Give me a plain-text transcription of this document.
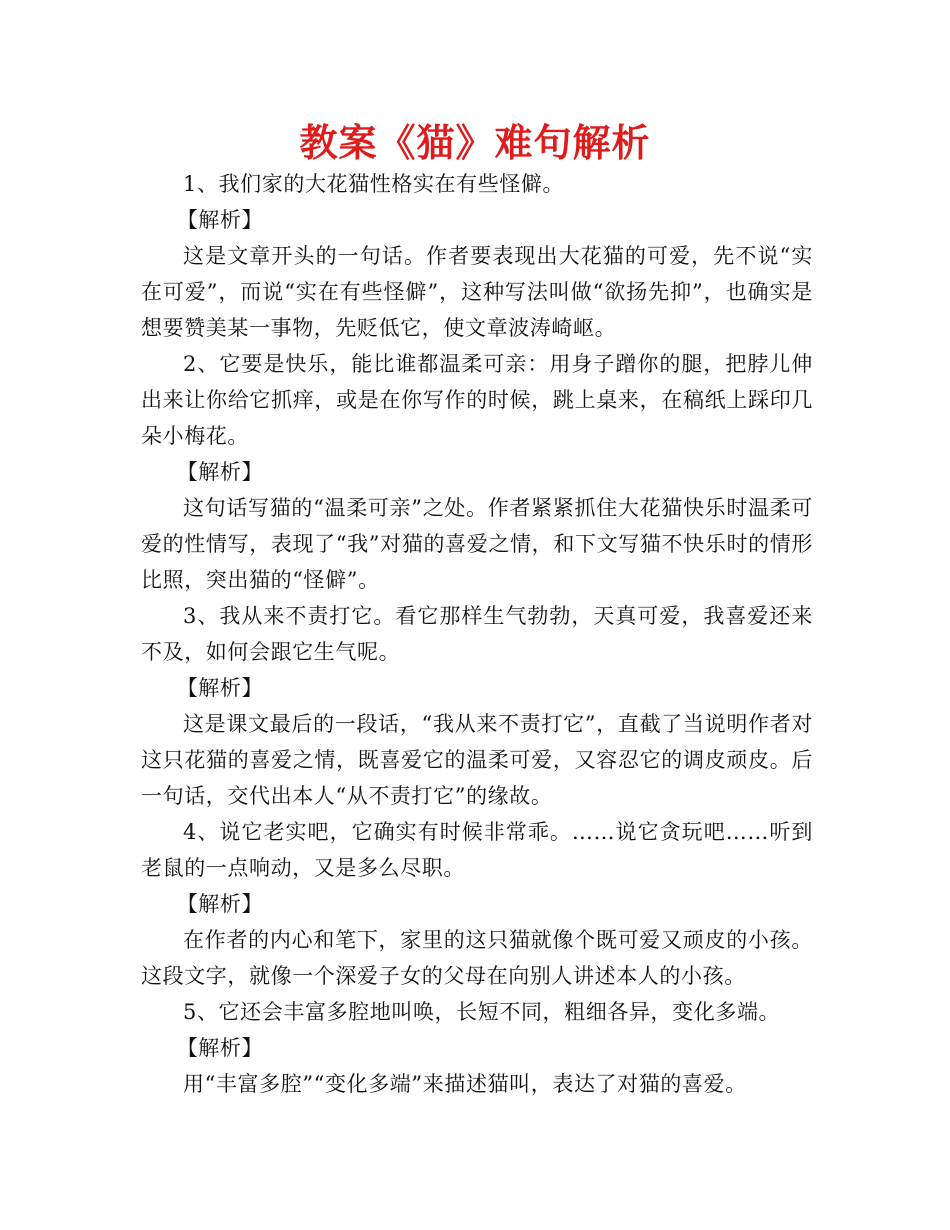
教案《猫》难句解析

1、我们家的大花猫性格实在有些怪僻。

【解析】

这是文章开头的一句话。作者要表现出大花猫的可爱，先不说“实在可爱”，而说“实在有些怪僻”，这种写法叫做“欲扬先抑”，也确实是想要赞美某一事物，先贬低它，使文章波涛崎岖。

2、它要是快乐，能比谁都温柔可亲：用身子蹭你的腿，把脖儿伸出来让你给它抓痒，或是在你写作的时候，跳上桌来，在稿纸上踩印几朵小梅花。

【解析】

这句话写猫的“温柔可亲”之处。作者紧紧抓住大花猫快乐时温柔可爱的性情写，表现了“我”对猫的喜爱之情，和下文写猫不快乐时的情形比照，突出猫的“怪僻”。

3、我从来不责打它。看它那样生气勃勃，天真可爱，我喜爱还来不及，如何会跟它生气呢。

【解析】

这是课文最后的一段话，“我从来不责打它”，直截了当说明作者对这只花猫的喜爱之情，既喜爱它的温柔可爱，又容忍它的调皮顽皮。后一句话，交代出本人“从不责打它”的缘故。

4、说它老实吧，它确实有时候非常乖。……说它贪玩吧……听到老鼠的一点响动，又是多么尽职。

【解析】

在作者的内心和笔下，家里的这只猫就像个既可爱又顽皮的小孩。这段文字，就像一个深爱子女的父母在向别人讲述本人的小孩。

5、它还会丰富多腔地叫唤，长短不同，粗细各异，变化多端。

【解析】

用“丰富多腔”“变化多端”来描述猫叫，表达了对猫的喜爱。
